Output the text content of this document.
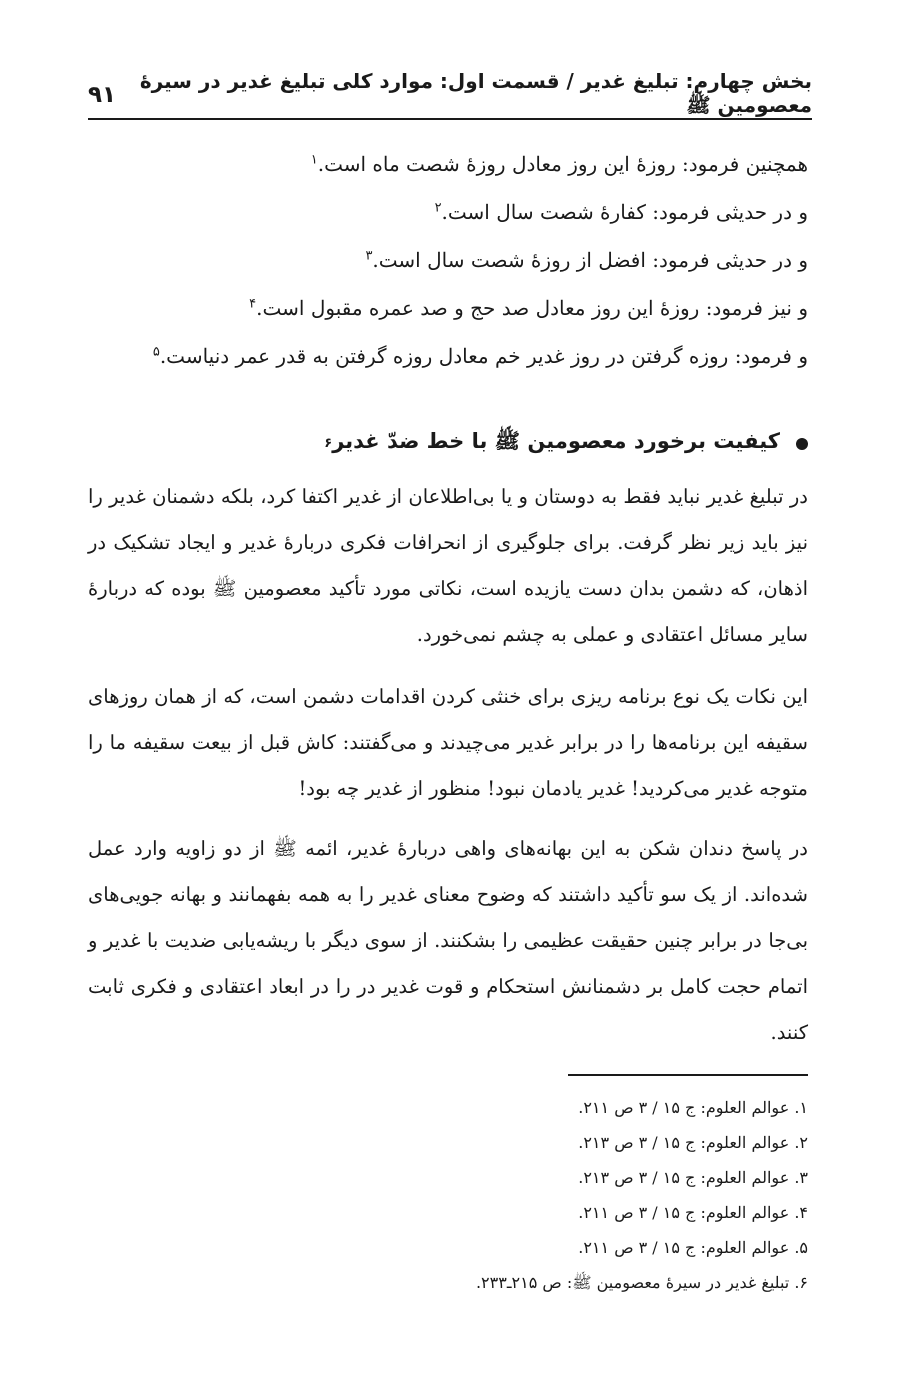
بخش چهارم: تبلیغ غدیر / قسمت اول: موارد کلی تبلیغ غدیر در سیرهٔ معصومین ﷺ
۹۱
همچنین فرمود: روزهٔ این روز معادل روزهٔ شصت ماه است.$^۱$
و در حدیثی فرمود: کفارهٔ شصت سال است.$^۲$
و در حدیثی فرمود: افضل از روزهٔ شصت سال است.$^۳$
و نیز فرمود: روزهٔ این روز معادل صد حج و صد عمره مقبول است.$^۴$
و فرمود: روزه گرفتن در روز غدیر خم معادل روزه گرفتن به قدر عمر دنیاست.$^۵$
کیفیت برخورد معصومین ﷺ با خط ضدّ غدیر
۶

در تبلیغ غدیر نباید فقط به دوستان و یا بی‌اطلاعان از غدیر اکتفا کرد، بلکه دشمنان غدیر را نیز باید زیر نظر گرفت. برای جلوگیری از انحرافات فکری دربارهٔ غدیر و ایجاد تشکیک در اذهان، که دشمن بدان دست یازیده است، نکاتی مورد تأکید معصومین ﷺ بوده که دربارهٔ سایر مسائل اعتقادی و عملی به چشم نمی‌خورد.

این نکات یک نوع برنامه ریزی برای خنثی کردن اقدامات دشمن است، که از همان روزهای سقیفه این برنامه‌ها را در برابر غدیر می‌چیدند و می‌گفتند: کاش قبل از بیعت سقیفه ما را متوجه غدیر می‌کردید! غدیر یادمان نبود! منظور از غدیر چه بود!

در پاسخ دندان شکن به این بهانه‌های واهی دربارهٔ غدیر، ائمه ﷺ از دو زاویه وارد عمل شده‌اند. از یک سو تأکید داشتند که وضوح معنای غدیر را به همه بفهمانند و بهانه جویی‌های بی‌جا در برابر چنین حقیقت عظیمی را بشکنند. از سوی دیگر با ریشه‌یابی ضدیت با غدیر و اتمام حجت کامل بر دشمنانش استحکام و قوت غدیر در را در ابعاد اعتقادی و فکری ثابت کنند.

۱. عوالم العلوم: ج ۱۵ / ۳ ص ۲۱۱.
۲. عوالم العلوم: ج ۱۵ / ۳ ص ۲۱۳.
۳. عوالم العلوم: ج ۱۵ / ۳ ص ۲۱۳.
۴. عوالم العلوم: ج ۱۵ / ۳ ص ۲۱۱.
۵. عوالم العلوم: ج ۱۵ / ۳ ص ۲۱۱.
۶. تبلیغ غدیر در سیرهٔ معصومین ﷺ: ص ۲۱۵ـ۲۳۳.
